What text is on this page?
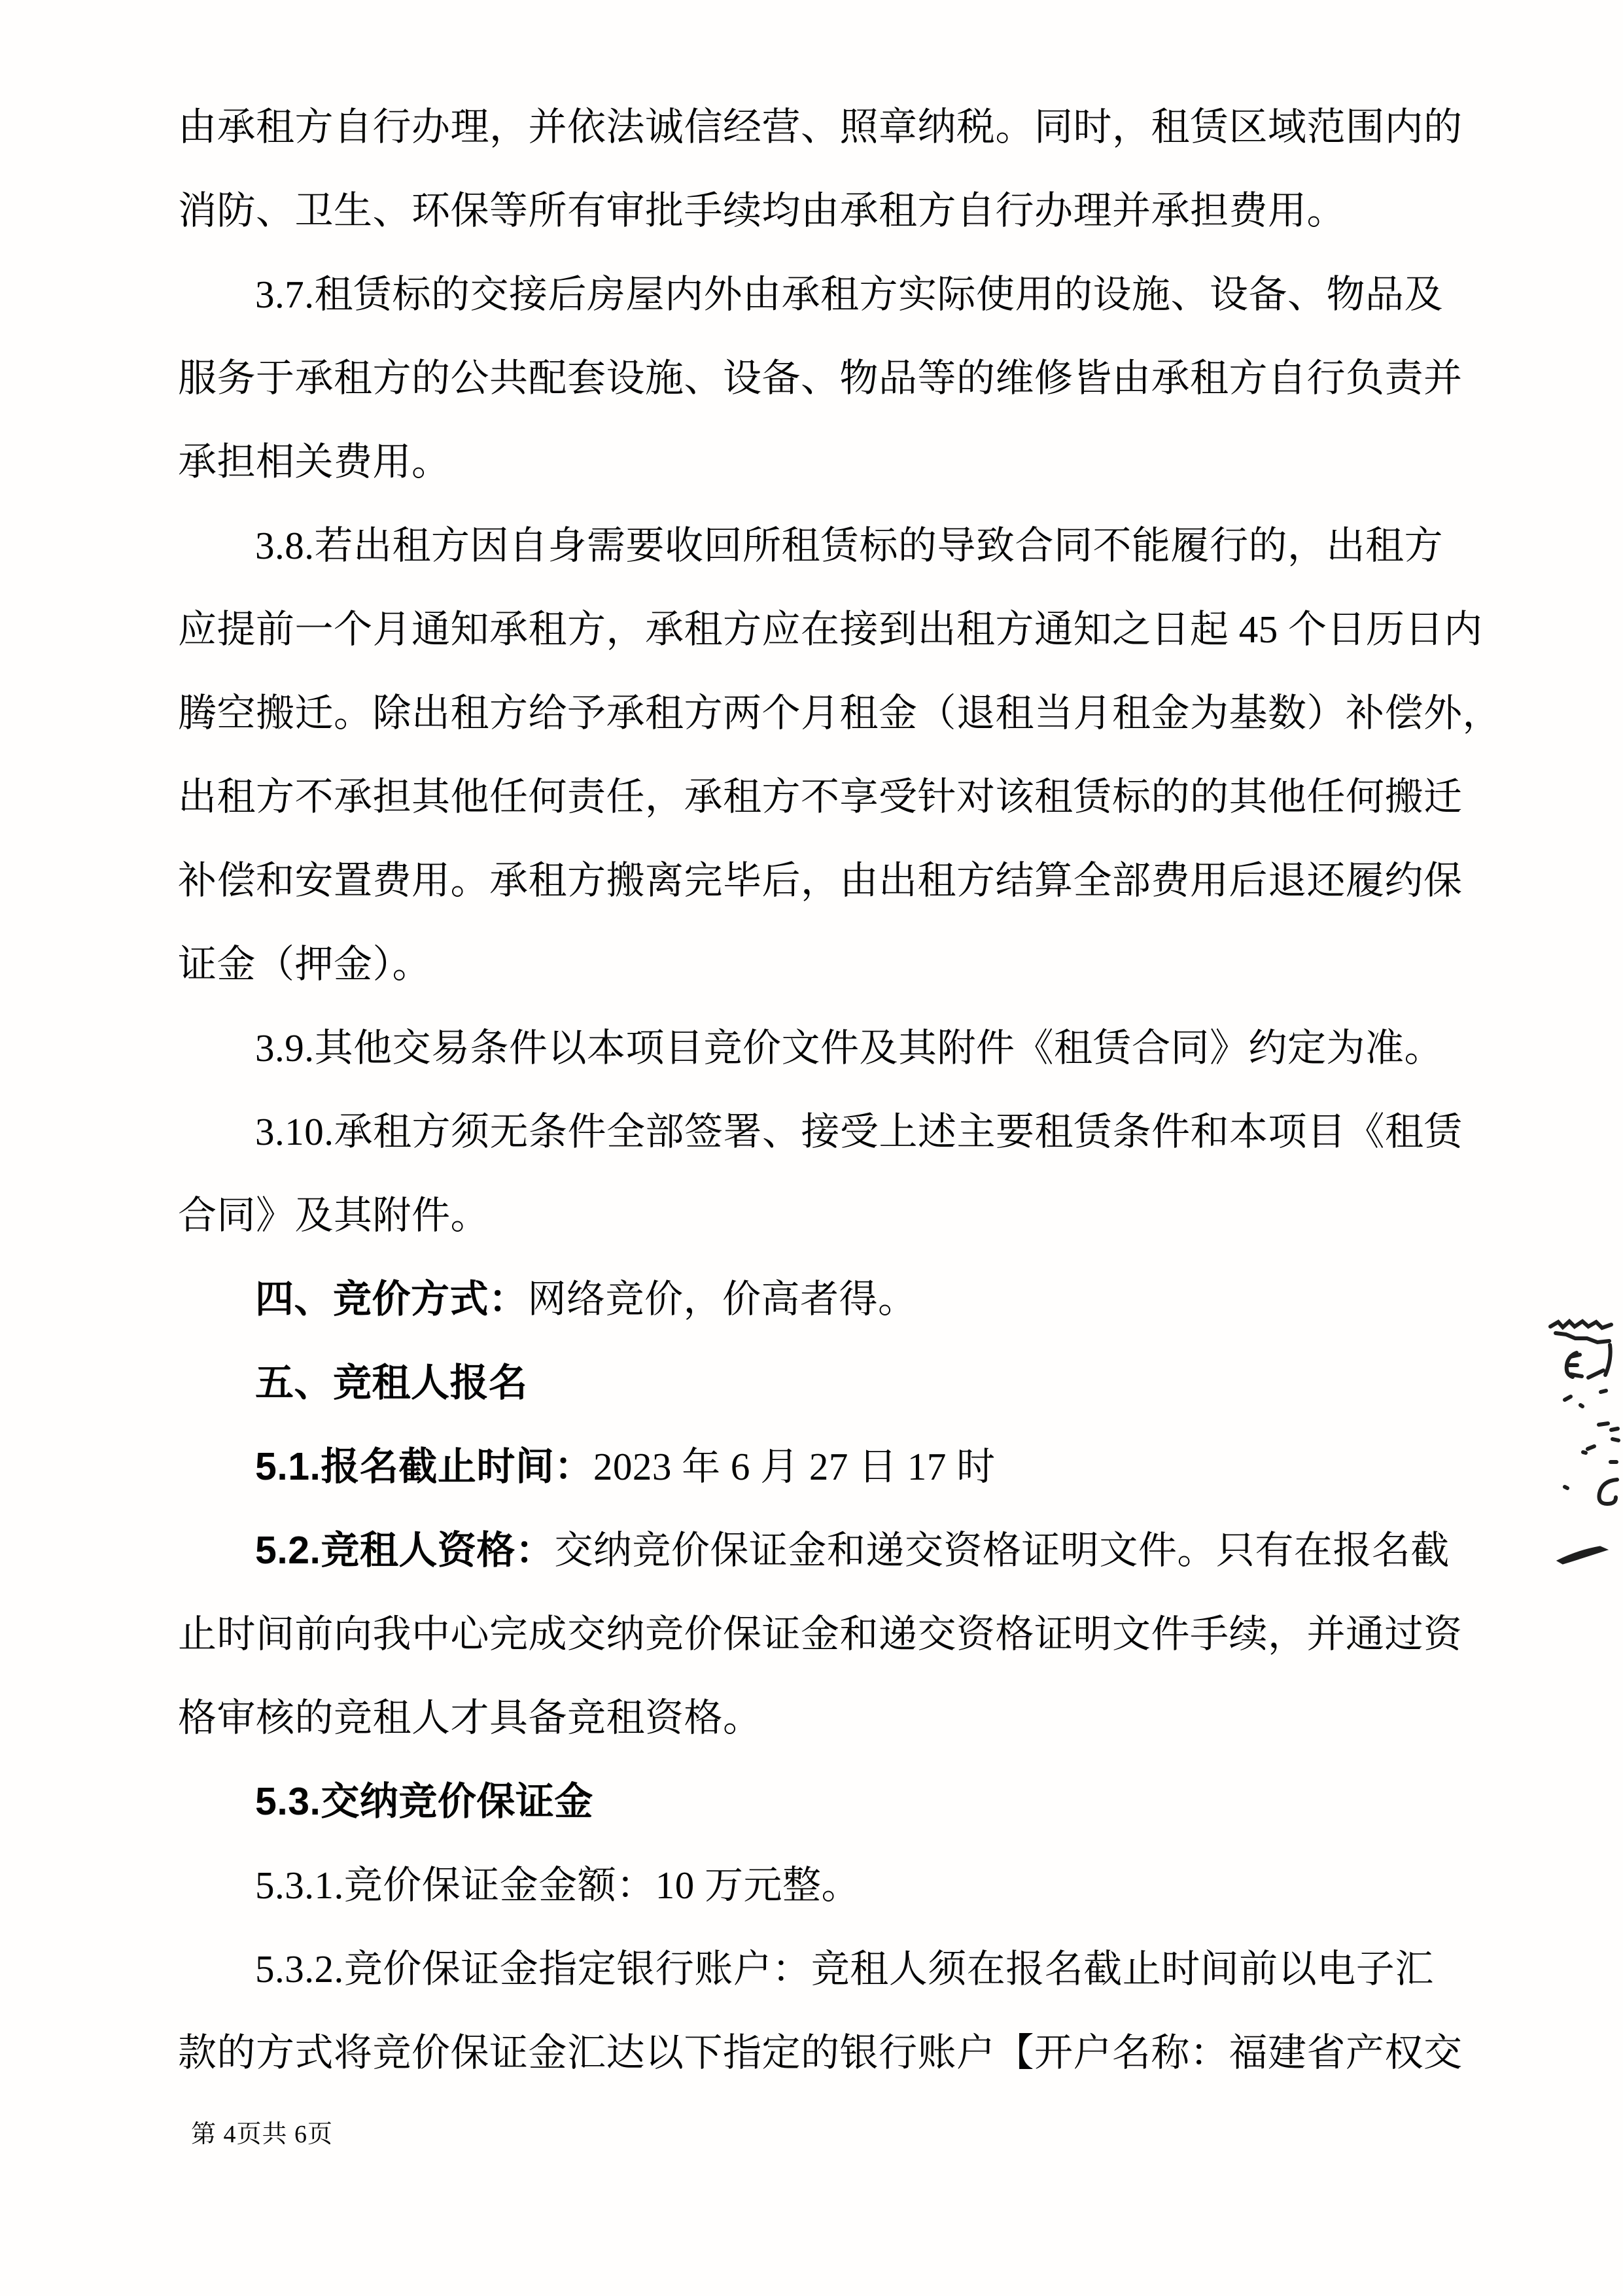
由承租方自行办理，并依法诚信经营、照章纳税。同时，租赁区域范围内的
消防、卫生、环保等所有审批手续均由承租方自行办理并承担费用。
3.7.租赁标的交接后房屋内外由承租方实际使用的设施、设备、物品及
服务于承租方的公共配套设施、设备、物品等的维修皆由承租方自行负责并
承担相关费用。
3.8.若出租方因自身需要收回所租赁标的导致合同不能履行的，出租方
应提前一个月通知承租方，承租方应在接到出租方通知之日起 45 个日历日内
腾空搬迁。除出租方给予承租方两个月租金（退租当月租金为基数）补偿外，
出租方不承担其他任何责任，承租方不享受针对该租赁标的的其他任何搬迁
补偿和安置费用。承租方搬离完毕后，由出租方结算全部费用后退还履约保
证金（押金）。
3.9.其他交易条件以本项目竞价文件及其附件《租赁合同》约定为准。
3.10.承租方须无条件全部签署、接受上述主要租赁条件和本项目《租赁
合同》及其附件。
四、竞价方式：网络竞价，价高者得。
五、竞租人报名
5.1.报名截止时间：2023 年 6 月 27 日 17 时
5.2.竞租人资格：交纳竞价保证金和递交资格证明文件。只有在报名截
止时间前向我中心完成交纳竞价保证金和递交资格证明文件手续，并通过资
格审核的竞租人才具备竞租资格。
5.3.交纳竞价保证金
5.3.1.竞价保证金金额：10 万元整。
5.3.2.竞价保证金指定银行账户：竞租人须在报名截止时间前以电子汇
款的方式将竞价保证金汇达以下指定的银行账户【开户名称：福建省产权交
第 4页共 6页
